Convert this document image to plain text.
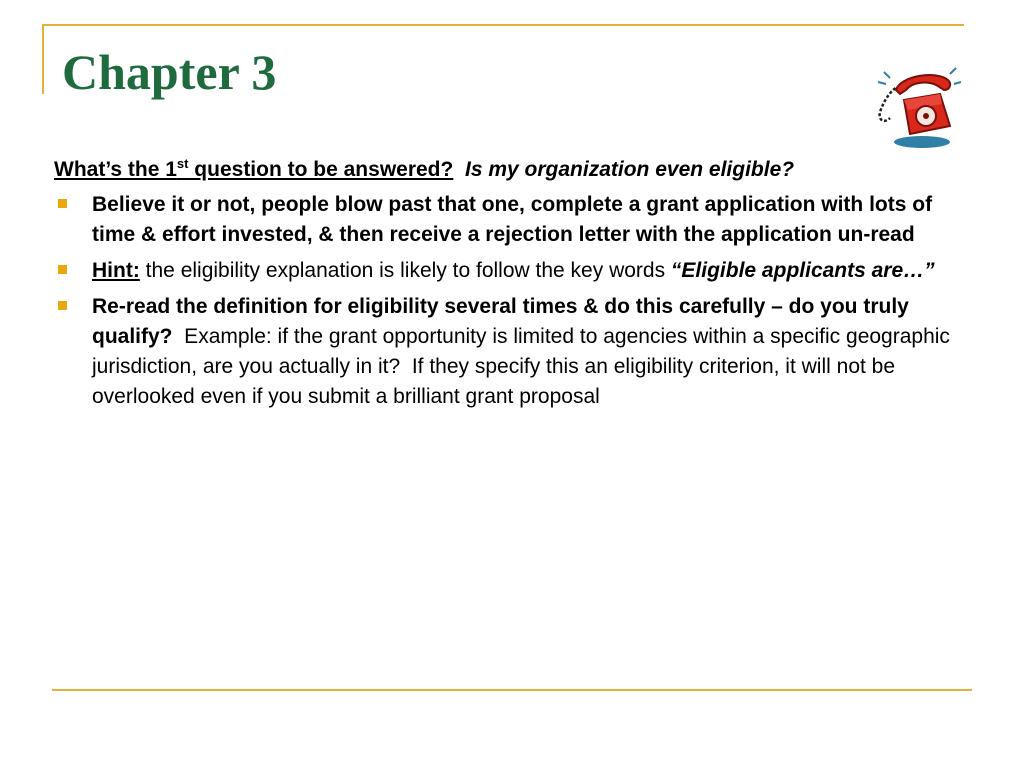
Chapter 3

What’s the 1st question to be answered? Is my organization even eligible?

Believe it or not, people blow past that one, complete a grant application with lots of time & effort invested, & then receive a rejection letter with the application un-read
Hint: the eligibility explanation is likely to follow the key words “Eligible applicants are…”
Re-read the definition for eligibility several times & do this carefully – do you truly qualify?  Example: if the grant opportunity is limited to agencies within a specific geographic jurisdiction, are you actually in it?  If they specify this an eligibility criterion, it will not be overlooked even if you submit a brilliant grant proposal
